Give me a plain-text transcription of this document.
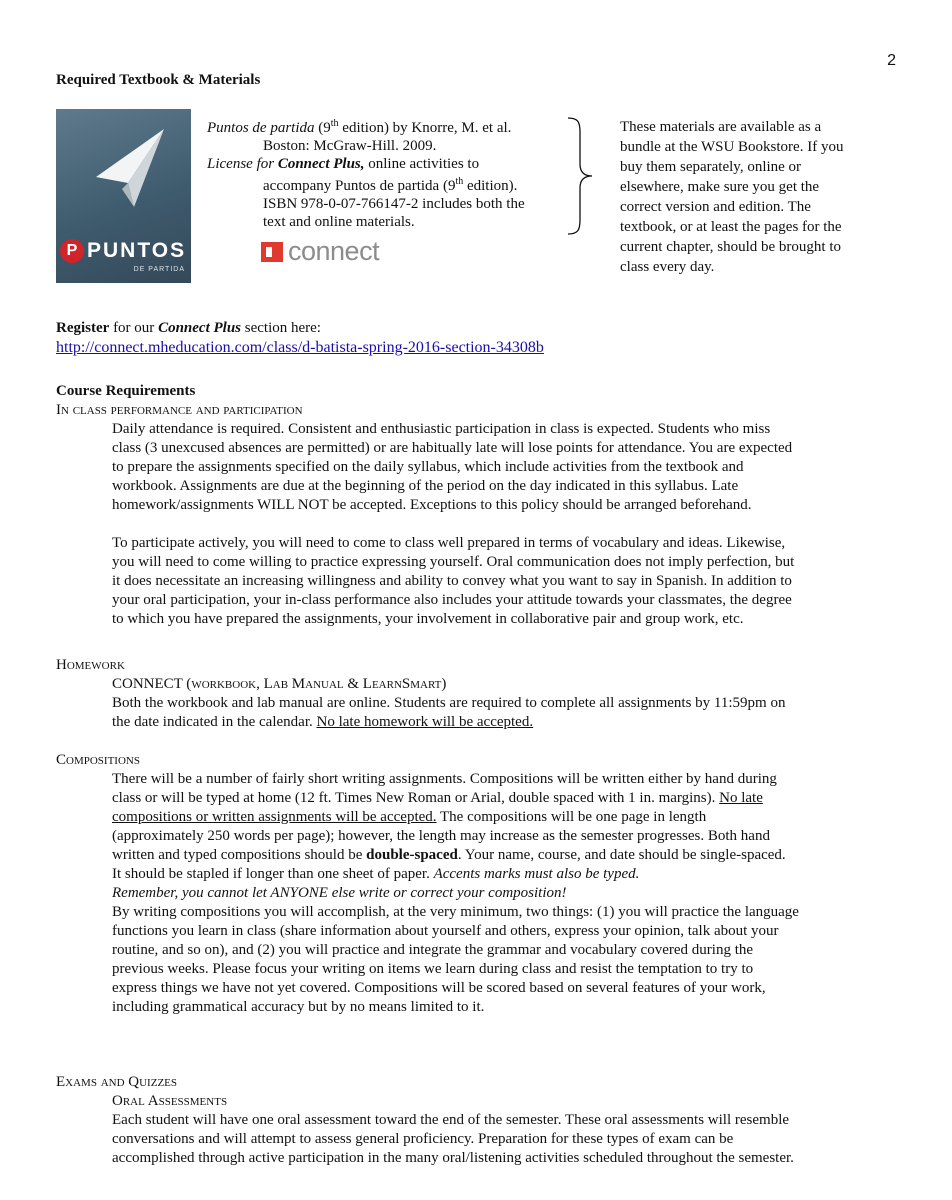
2
Required Textbook & Materials
P PUNTOS
DE PARTIDA

Puntos de partida (9th edition) by Knorre, M. et al.

Boston: McGraw-Hill. 2009.

License for Connect Plus, online activities to

accompany Puntos de partida (9th edition).

ISBN 978-0-07-766147-2 includes both the

text and online materials.

connect
These materials are available as a bundle at the WSU Bookstore. If you buy them separately, online or elsewhere, make sure you get the correct version and edition. The textbook, or at least the pages for the current chapter, should be brought to class every day.
Register for our Connect Plus section here:
http://connect.mheducation.com/class/d-batista-spring-2016-section-34308b
Course Requirements
In class performance and participation

Daily attendance is required. Consistent and enthusiastic participation in class is expected. Students who miss

class (3 unexcused absences are permitted) or are habitually late will lose points for attendance. You are expected

to prepare the assignments specified on the daily syllabus, which include activities from the textbook and

workbook. Assignments are due at the beginning of the period on the day indicated in this syllabus. Late

homework/assignments WILL NOT be accepted. Exceptions to this policy should be arranged beforehand.

To participate actively, you will need to come to class well prepared in terms of vocabulary and ideas. Likewise,

you will need to come willing to practice expressing yourself. Oral communication does not imply perfection, but

it does necessitate an increasing willingness and ability to convey what you want to say in Spanish. In addition to

your oral participation, your in-class performance also includes your attitude towards your classmates, the degree

to which you have prepared the assignments, your involvement in collaborative pair and group work, etc.

Homework

CONNECT (workbook, Lab Manual & LearnSmart)

Both the workbook and lab manual are online. Students are required to complete all assignments by 11:59pm on

the date indicated in the calendar. No late homework will be accepted.

Compositions

There will be a number of fairly short writing assignments. Compositions will be written either by hand during

class or will be typed at home (12 ft. Times New Roman or Arial, double spaced with 1 in. margins). No late

compositions or written assignments will be accepted. The compositions will be one page in length

(approximately 250 words per page); however, the length may increase as the semester progresses. Both hand

written and typed compositions should be double-spaced. Your name, course, and date should be single-spaced.

It should be stapled if longer than one sheet of paper. Accents marks must also be typed.

Remember, you cannot let ANYONE else write or correct your composition!

By writing compositions you will accomplish, at the very minimum, two things: (1) you will practice the language

functions you learn in class (share information about yourself and others, express your opinion, talk about your

routine, and so on), and (2) you will practice and integrate the grammar and vocabulary covered during the

previous weeks. Please focus your writing on items we learn during class and resist the temptation to try to

express things we have not yet covered. Compositions will be scored based on several features of your work,

including grammatical accuracy but by no means limited to it.

Exams and Quizzes

Oral Assessments

Each student will have one oral assessment toward the end of the semester. These oral assessments will resemble

conversations and will attempt to assess general proficiency. Preparation for these types of exam can be

accomplished through active participation in the many oral/listening activities scheduled throughout the semester.
